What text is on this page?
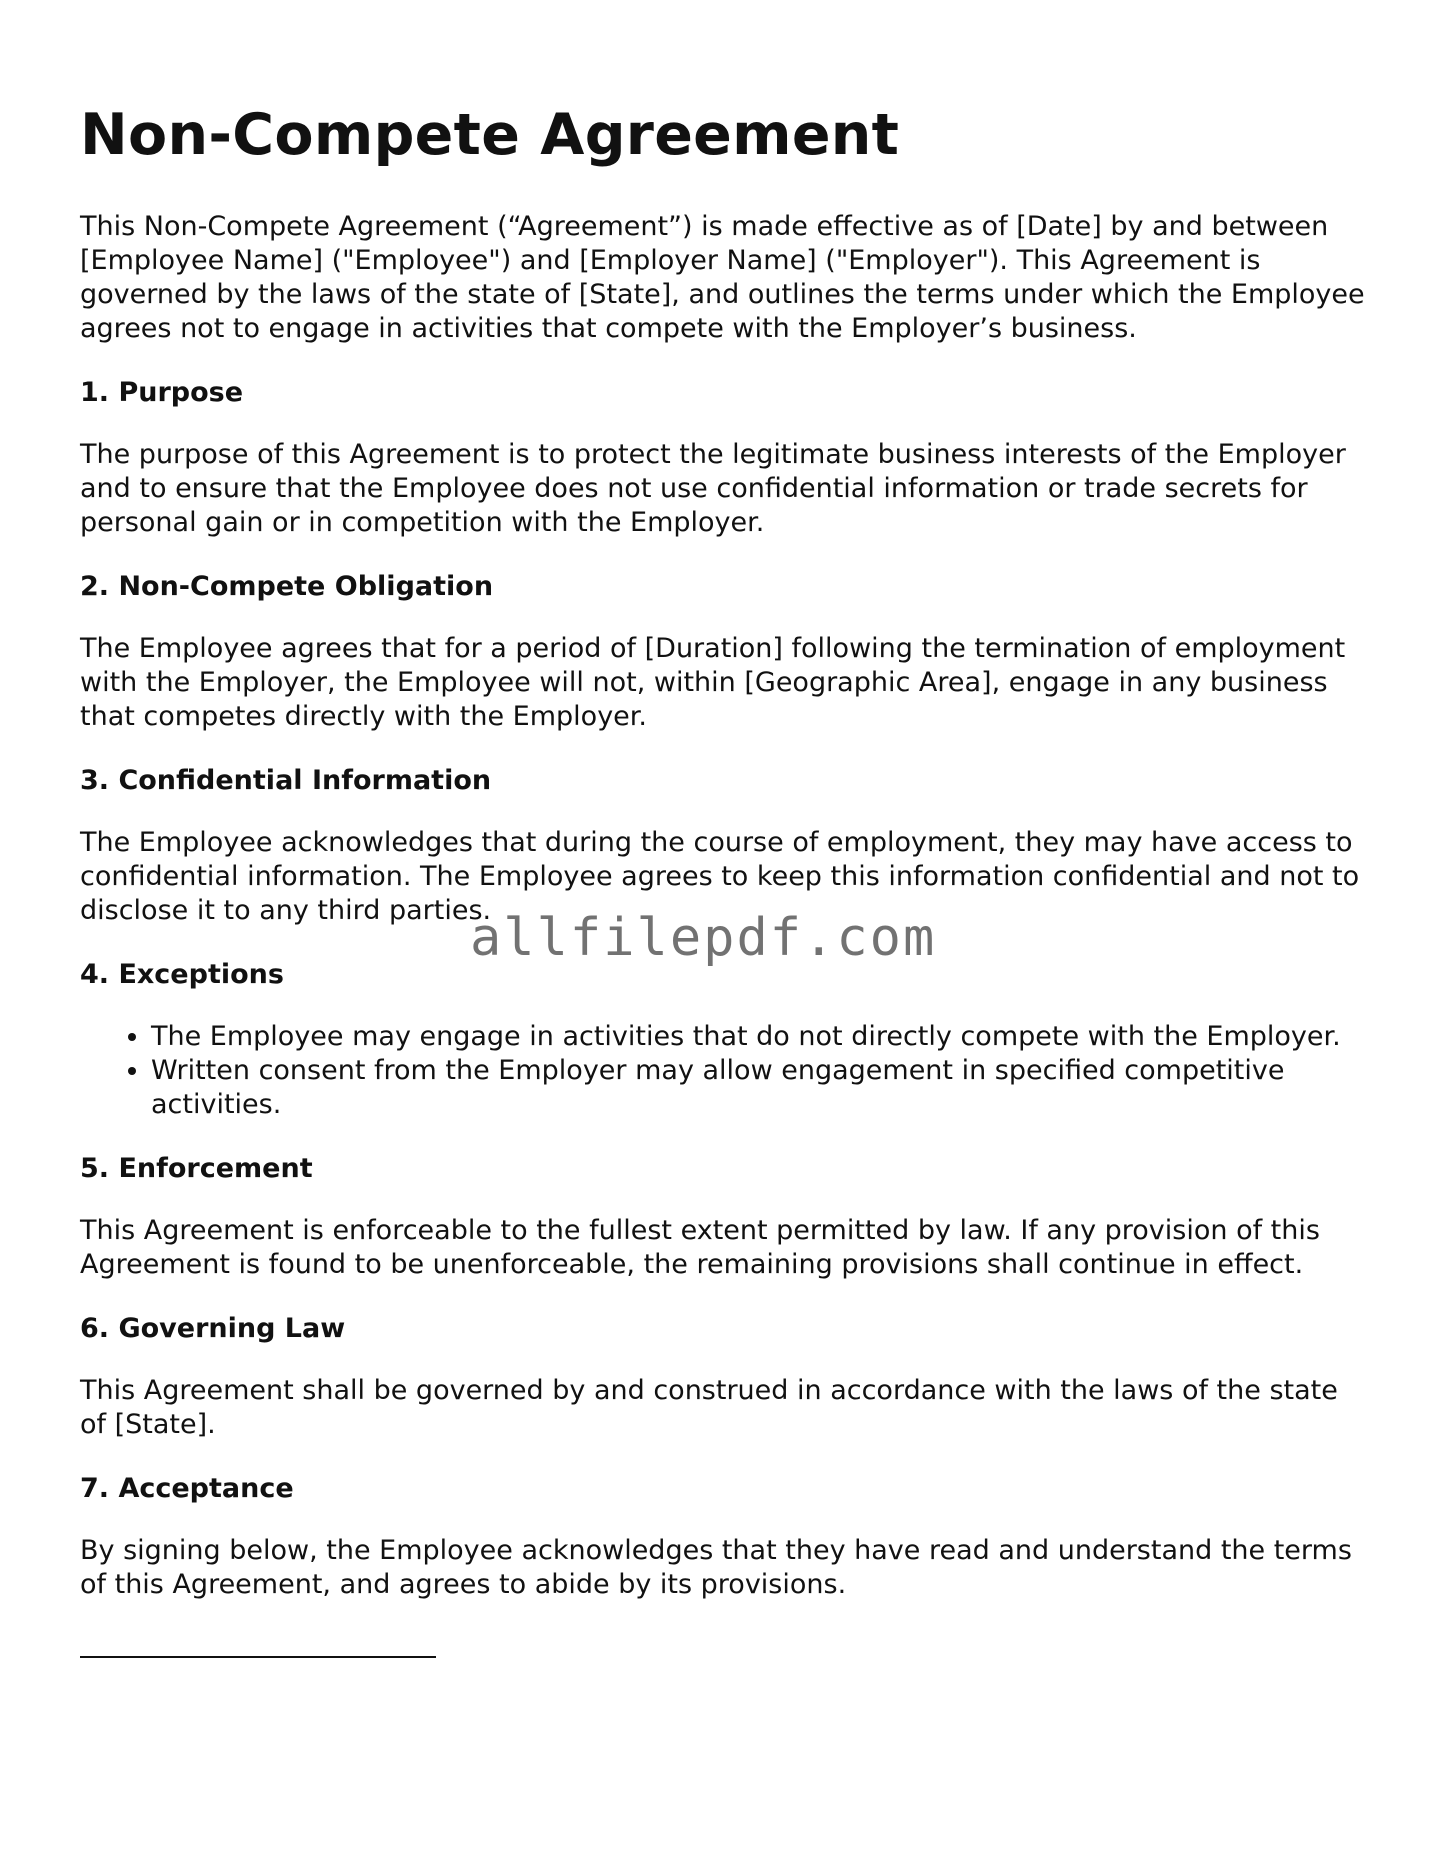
Non-Compete Agreement

This Non-Compete Agreement (“Agreement”) is made effective as of [Date] by and between [Employee Name] ("Employee") and [Employer Name] ("Employer"). This Agreement is governed by the laws of the state of [State], and outlines the terms under which the Employee agrees not to engage in activities that compete with the Employer’s business.

1. Purpose

The purpose of this Agreement is to protect the legitimate business interests of the Employer and to ensure that the Employee does not use confidential information or trade secrets for personal gain or in competition with the Employer.

2. Non-Compete Obligation

The Employee agrees that for a period of [Duration] following the termination of employment with the Employer, the Employee will not, within [Geographic Area], engage in any business that competes directly with the Employer.

3. Confidential Information

The Employee acknowledges that during the course of employment, they may have access to confidential information. The Employee agrees to keep this information confidential and not to disclose it to any third parties.

4. Exceptions
• The Employee may engage in activities that do not directly compete with the Employer.
• Written consent from the Employer may allow engagement in specified competitive activities.
5. Enforcement

This Agreement is enforceable to the fullest extent permitted by law. If any provision of this Agreement is found to be unenforceable, the remaining provisions shall continue in effect.

6. Governing Law

This Agreement shall be governed by and construed in accordance with the laws of the state of [State].

7. Acceptance

By signing below, the Employee acknowledges that they have read and understand the terms of this Agreement, and agrees to abide by its provisions.

allfilepdf.com
